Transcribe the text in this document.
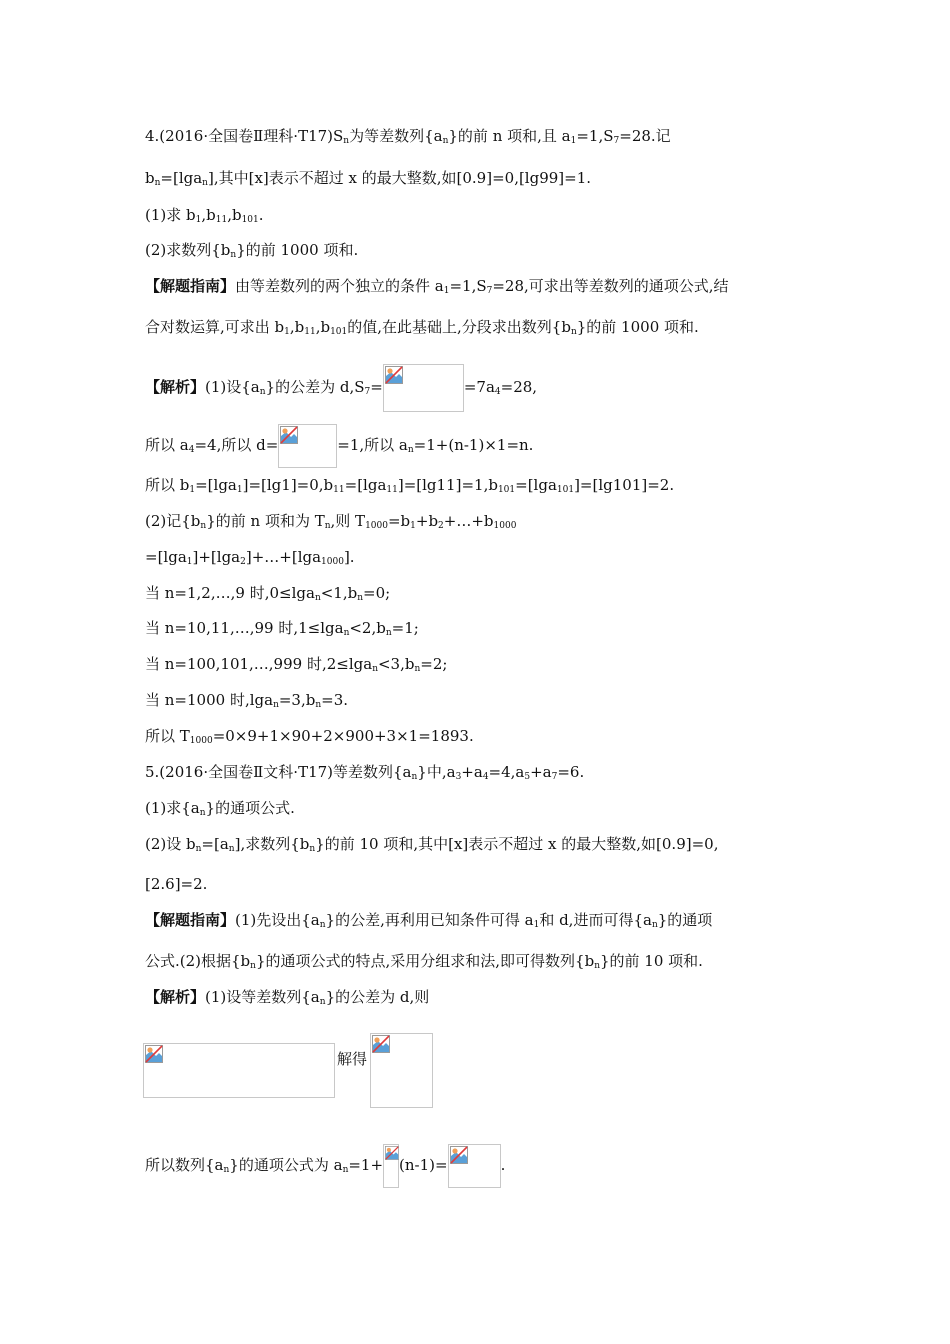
4.(2016·全国卷Ⅱ理科$\cdot T17)S_n$为等差数列$\{a_n\}$的前 n 项和,且 $a_1=1,S_7=28$.记
$b_n=[\lg a_n]$,其中[x]表示不超过 x 的最大整数,如[0.9]=0,[lg99]=1.
(1)求 $b_1,b_{11},b_{101}$.
(2)求数列$\{b_n\}$的前 1000 项和.
【解题指南】由等差数列的两个独立的条件 $a_1=1,S_7=28$,可求出等差数列的通项公式,结
合对数运算,可求出 $b_1,b_{11},b_{101}$的值,在此基础上,分段求出数列$\{b_n\}$的前 1000 项和.
【解析】(1)设$\{a_n\}$的公差为 $d,S_7=$	$=7a_4=28$,
所以 $a_4=4$,所以 d=	=1,所以 $a_n=1+(n-1)\times 1=n$.
所以 $b_1=[\lg a_1]=[\lg 1]=0,b_{11}=[\lg a_{11}]=[\lg 11]=1,b_{101}=[\lg a_{101}]=[\lg 101]=2$.
(2)记$\{b_n\}$的前 n 项和为 $T_n$,则 $T_{1000}=b_1+b_2+\dots+b_{1000}$
=[lga$_1$]+[lga$_2$]+…+[lga$_{1000}$].
当 n=1,2,…,9 时$,0\le\lg a_n<1,b_n=0$;
当 n=10,11,…,99 时$,1\le\lg a_n<2,b_n=1$;
当 n=100,101,…,999 时$,2\le\lg a_n<3,b_n=2$;
当 n=1000 时$,\lg a_n=3,b_n=3$.
所以 $T_{1000}=0\times 9+1\times 90+2\times 900+3\times 1=1893$.
5.(2016·全国卷Ⅱ文科·T17)等差数列$\{a_n\}$中$,a_3+a_4=4,a_5+a_7=6$.
(1)求$\{a_n\}$的通项公式.
(2)设 $b_n=[a_n]$,求数列$\{b_n\}$的前 10 项和,其中[x]表示不超过 x 的最大整数,如[0.9]=0,
[2.6]=2.
【解题指南】(1)先设出$\{a_n\}$的公差,再利用已知条件可得 $a_1$和 d,进而可得$\{a_n\}$的通项
公式.(2)根据$\{b_n\}$的通项公式的特点,采用分组求和法,即可得数列$\{b_n\}$的前 10 项和.
【解析】(1)设等差数列$\{a_n\}$的公差为 d,则
解得
所以数列$\{a_n\}$的通项公式为 $a_n=1+ (n-1)=$	.
